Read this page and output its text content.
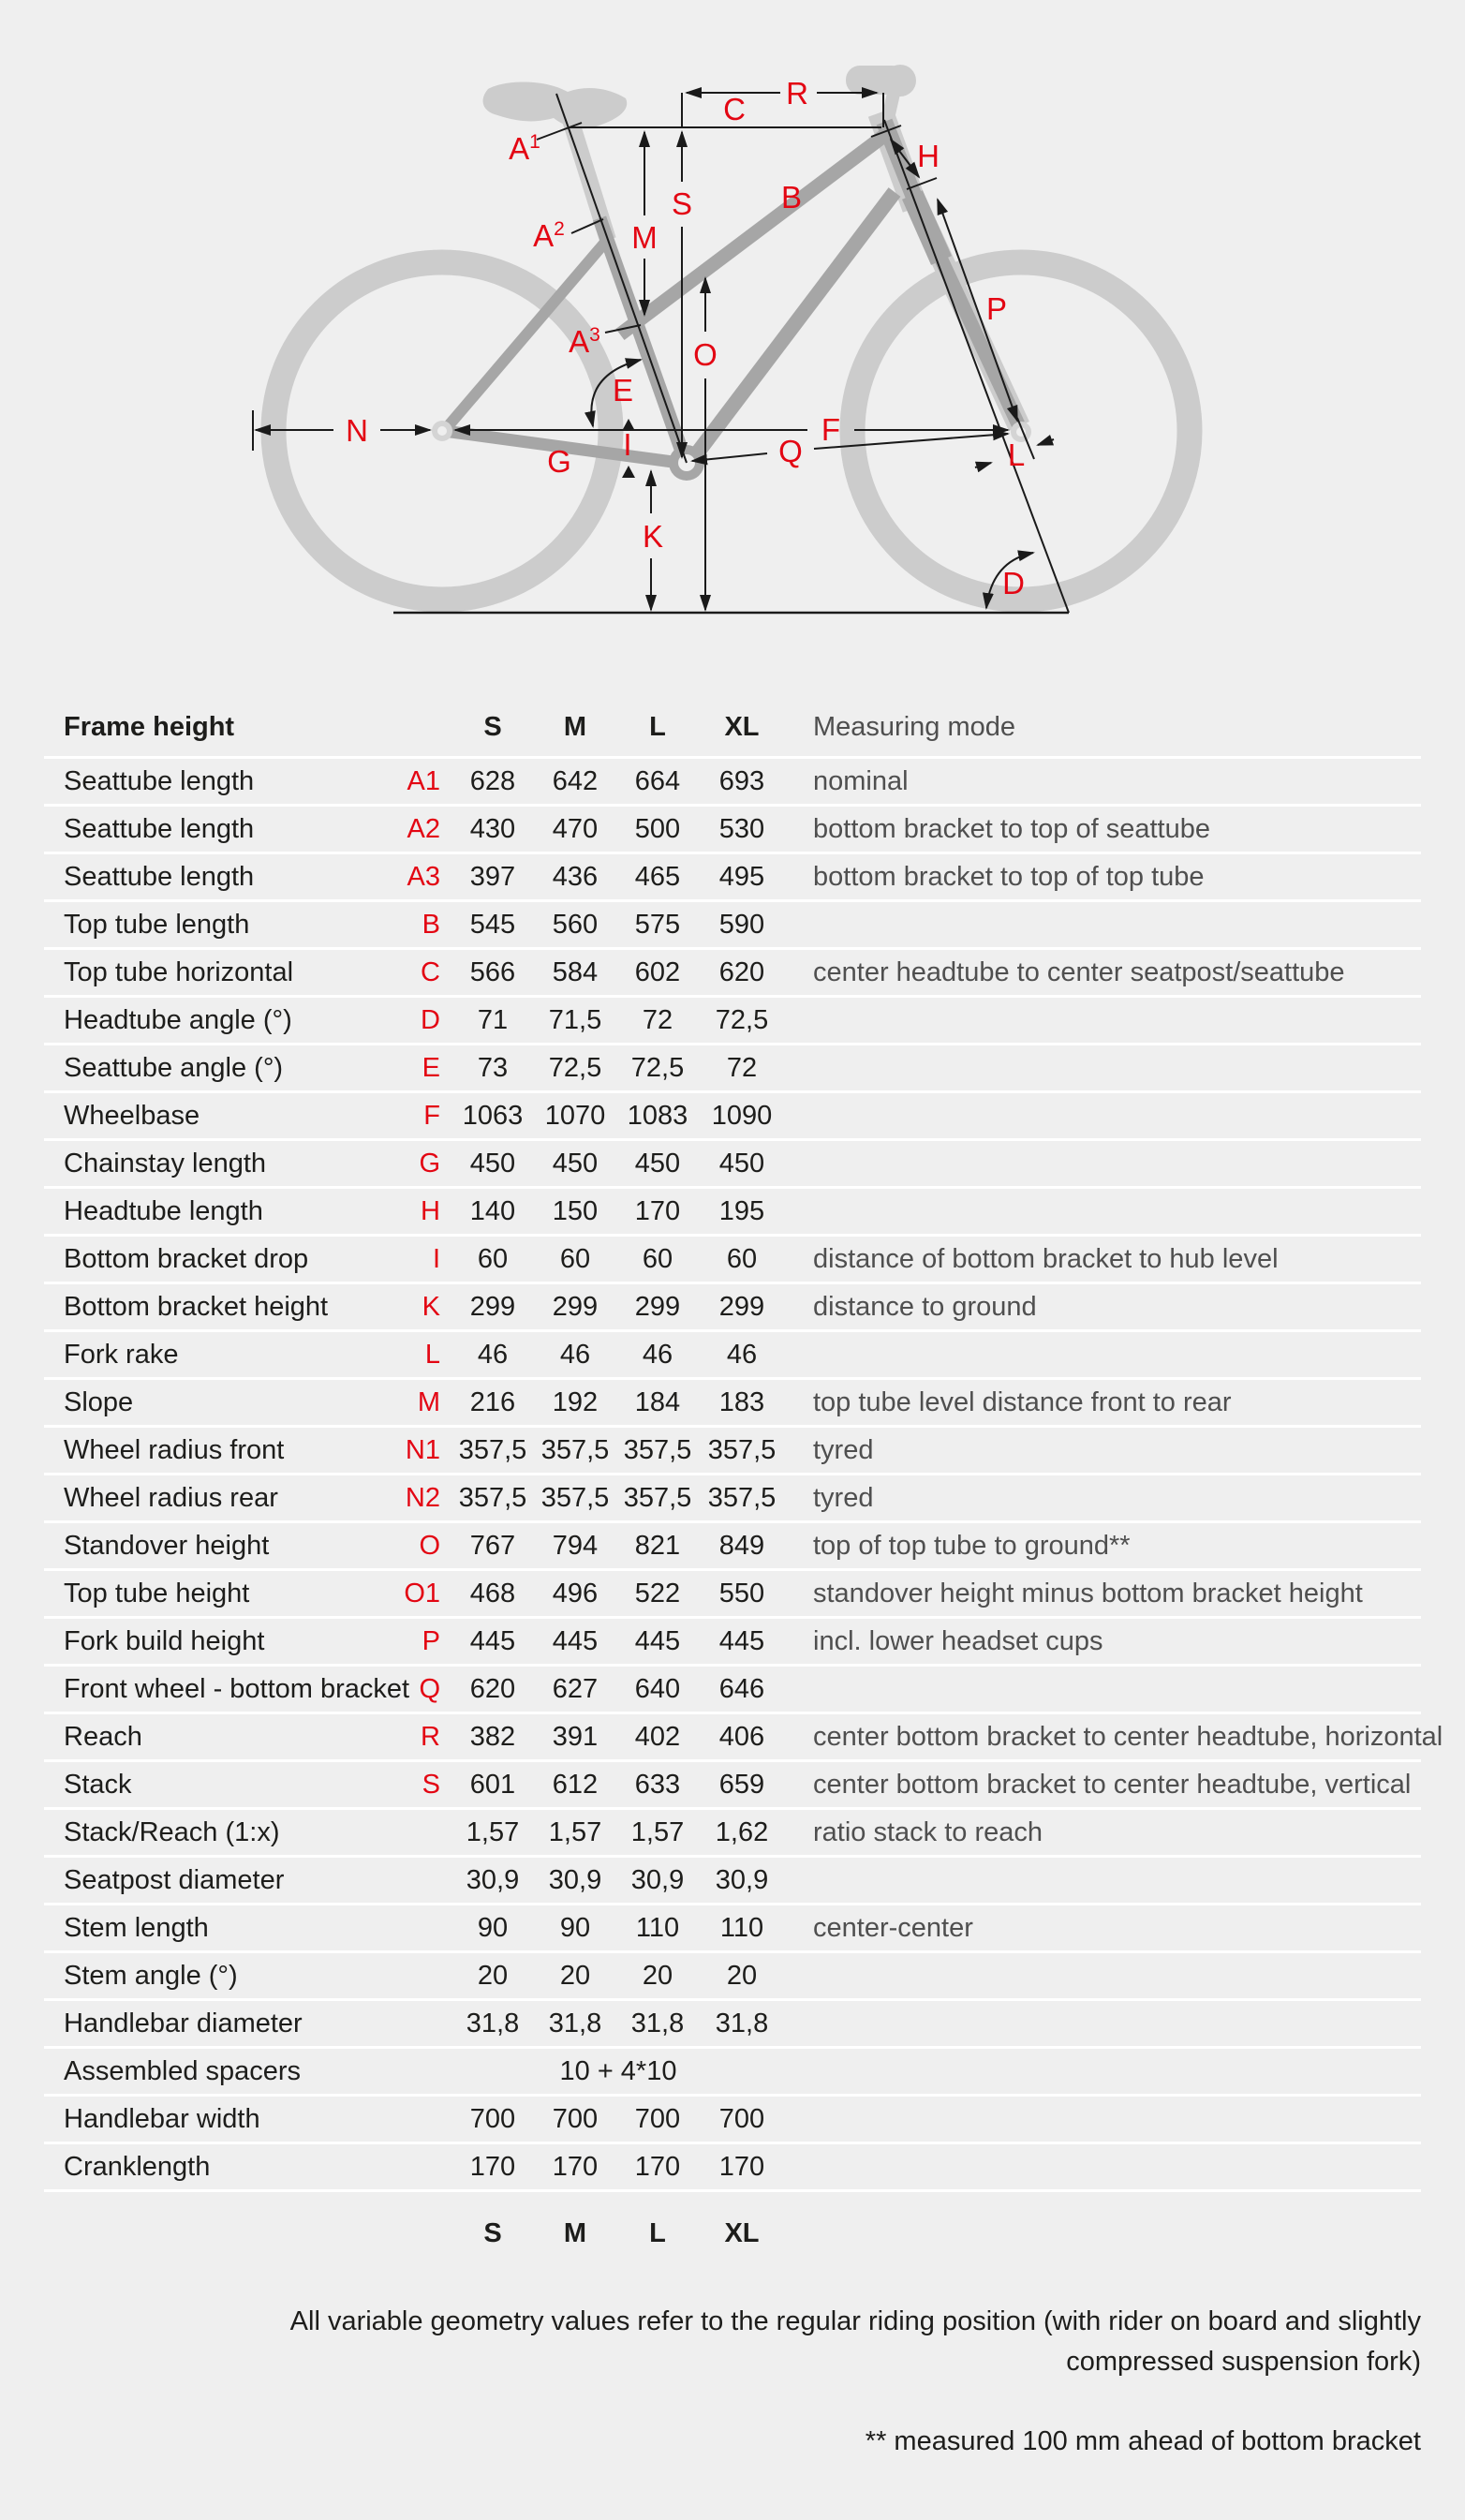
$A^1$
$A^2$
$A^3$
B
C R
S
M
O
H
P
E
I
G
K
N	F
Q	L
D
Frame height	S	M	L	XL	Measuring mode
Seattube length	A1	628	642	664	693	nominal
Seattube length	A2	430	470	500	530	bottom bracket to top of seattube
Seattube length	A3	397	436	465	495	bottom bracket to top of top tube
Top tube length	B	545	560	575	590
Top tube horizontal	C	566	584	602	620	center headtube to center seatpost/seattube
Headtube angle (°)	D	71	71,5	72	72,5
Seattube angle (°)	E	73	72,5	72,5	72
Wheelbase	F 1063 1070 1083 1090
Chainstay length	G	450	450	450	450
Headtube length	H	140	150	170	195
Bottom bracket drop	I	60	60	60	60	distance of bottom bracket to hub level
Bottom bracket height	K	299	299	299	299	distance to ground
Fork rake	L	46	46	46	46
Slope	M	216	192	184	183	top tube level distance front to rear
Wheel radius front	N1 357,5 357,5 357,5 357,5	tyred
Wheel radius rear	N2 357,5 357,5 357,5 357,5	tyred
Standover height	O	767	794	821	849	top of top tube to ground**
Top tube height	O1	468	496	522	550	standover height minus bottom bracket height
Fork build height	P	445	445	445	445	incl. lower headset cups
Front wheel - bottom bracket Q	620	627	640	646
Reach	R	382	391	402	406	center bottom bracket to center headtube, horizontal
Stack	S	601	612	633	659	center bottom bracket to center headtube, vertical
Stack/Reach (1:x)	1,57	1,57	1,57	1,62	ratio stack to reach
Seatpost diameter	30,9	30,9	30,9	30,9
Stem length	90	90	110	110	center-center
Stem angle (°)	20	20	20	20
Handlebar diameter	31,8	31,8	31,8	31,8
Assembled spacers	10 + 4*10
Handlebar width	700	700	700	700
Cranklength	170	170	170	170
S	M	L	XL
All variable geometry values refer to the regular riding position (with rider on board and slightly compressed suspension fork)
** measured 100 mm ahead of bottom bracket
